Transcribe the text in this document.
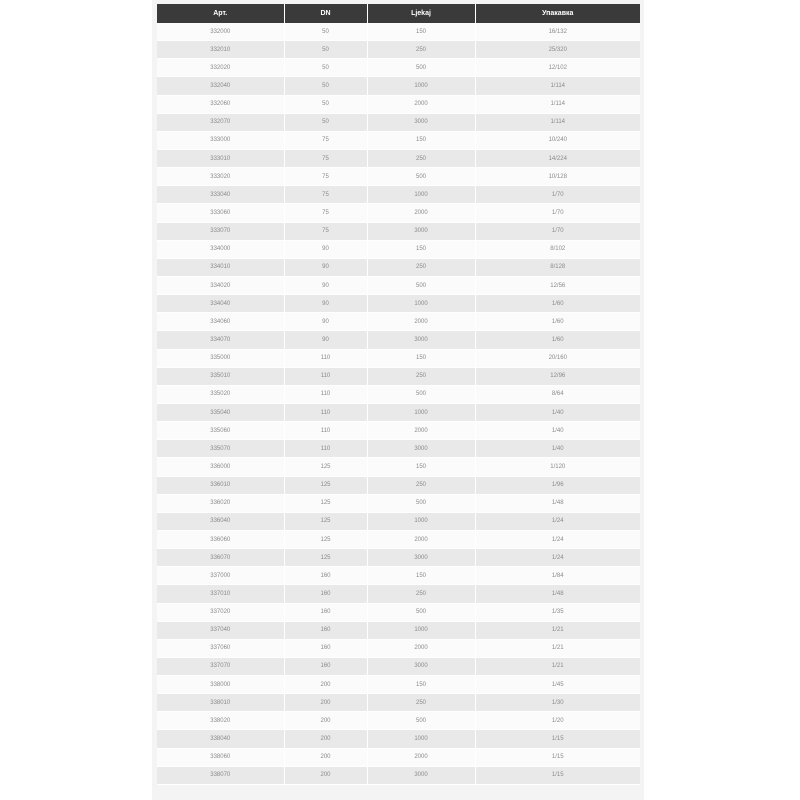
Арт.	DN	Ljekaj	Упакавка
332000	50	150	16/132
332010	50	250	25/320
332020	50	500	12/102
332040	50	1000	1/114
332060	50	2000	1/114
332070	50	3000	1/114
333000	75	150	10/240
333010	75	250	14/224
333020	75	500	10/128
333040	75	1000	1/70
333060	75	2000	1/70
333070	75	3000	1/70
334000	90	150	8/102
334010	90	250	8/128
334020	90	500	12/56
334040	90	1000	1/60
334060	90	2000	1/60
334070	90	3000	1/60
335000	110	150	20/160
335010	110	250	12/96
335020	110	500	8/64
335040	110	1000	1/40
335060	110	2000	1/40
335070	110	3000	1/40
336000	125	150	1/120
336010	125	250	1/96
336020	125	500	1/48
336040	125	1000	1/24
336060	125	2000	1/24
336070	125	3000	1/24
337000	160	150	1/84
337010	160	250	1/48
337020	160	500	1/35
337040	160	1000	1/21
337060	160	2000	1/21
337070	160	3000	1/21
338000	200	150	1/45
338010	200	250	1/30
338020	200	500	1/20
338040	200	1000	1/15
338060	200	2000	1/15
338070	200	3000	1/15
